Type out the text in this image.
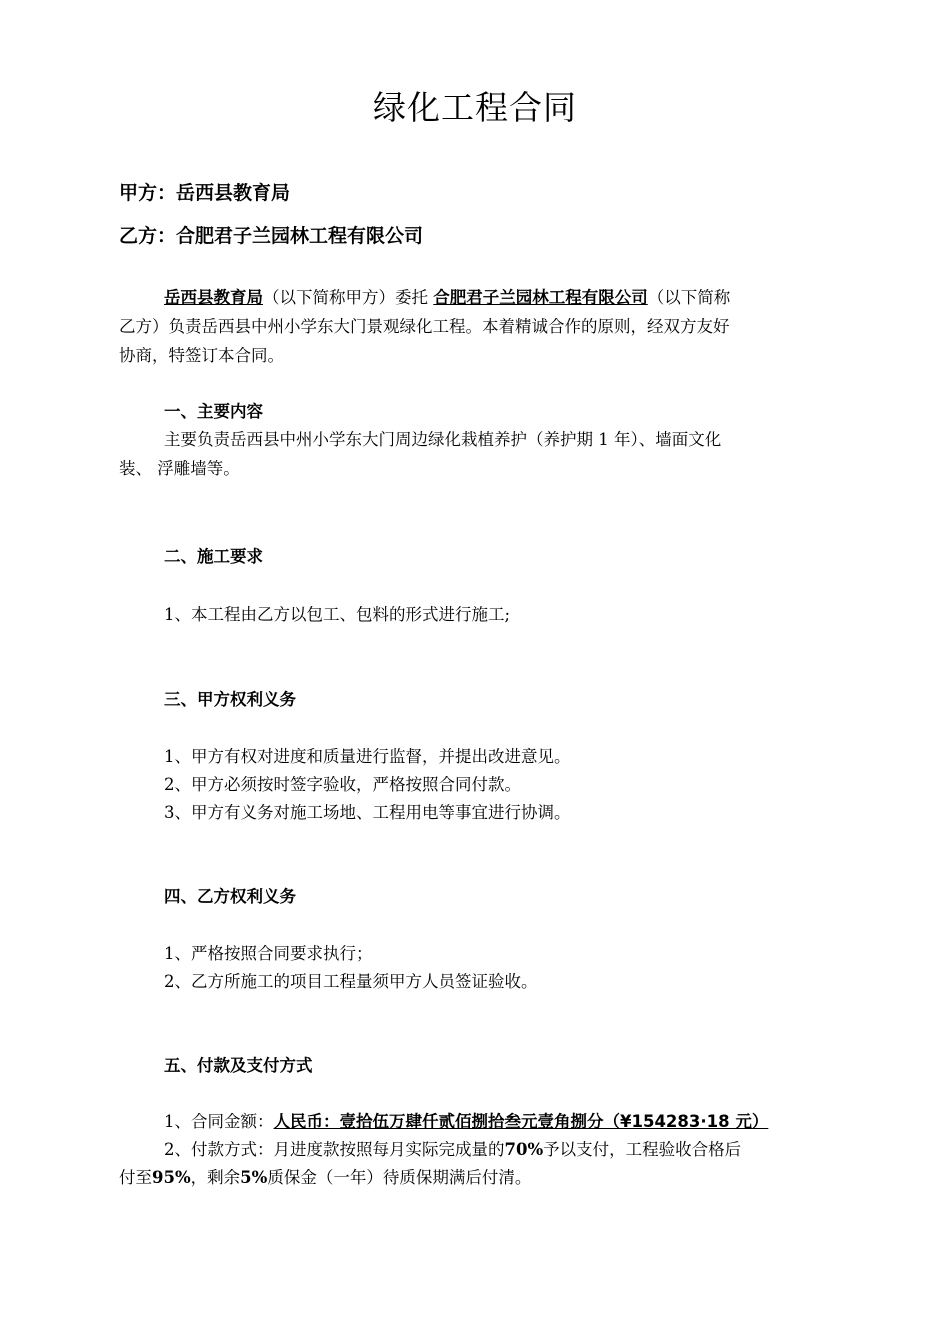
绿化工程合同
甲方：岳西县教育局
乙方：合肥君子兰园林工程有限公司
岳西县教育局（以下简称甲方）委托 合肥君子兰园林工程有限公司（以下简称
乙方）负责岳西县中州小学东大门景观绿化工程。本着精诚合作的原则，经双方友好
协商，特签订本合同。
一、主要内容
主要负责岳西县中州小学东大门周边绿化栽植养护（养护期 1 年）、墙面文化
装、 浮雕墙等。
二、施工要求
1、本工程由乙方以包工、包料的形式进行施工;
三、甲方权利义务
1、甲方有权对进度和质量进行监督，并提出改进意见。
2、甲方必须按时签字验收，严格按照合同付款。
3、甲方有义务对施工场地、工程用电等事宜进行协调。
四、乙方权利义务
1、严格按照合同要求执行；
2、乙方所施工的项目工程量须甲方人员签证验收。
五、付款及支付方式
1、合同金额：人民币：壹拾伍万肆仟贰佰捌拾叁元壹角捌分（¥154283·18 元）
2、付款方式：月进度款按照每月实际完成量的70%予以支付，工程验收合格后
付至95%，剩余5%质保金（一年）待质保期满后付清。
